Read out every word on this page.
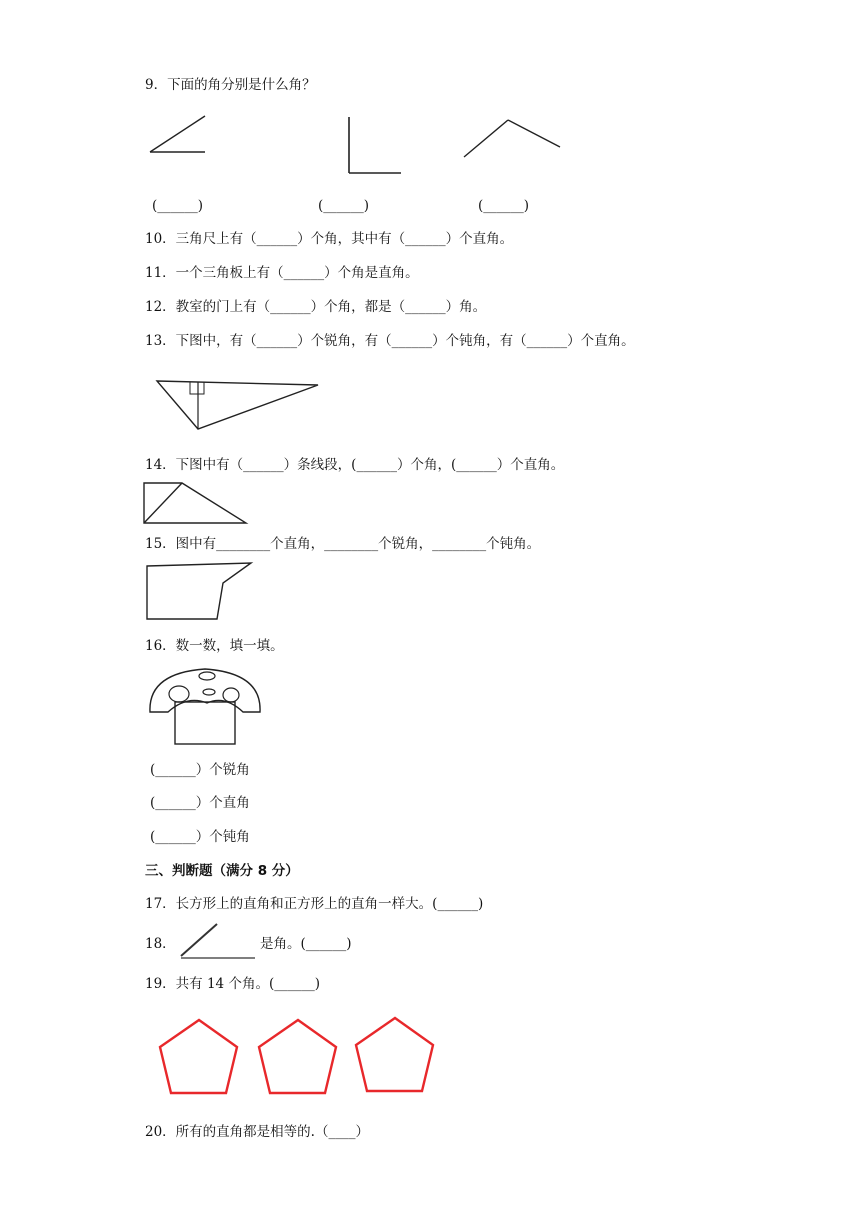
9．下面的角分别是什么角？
(______)	(______)	(______)
10．三角尺上有（______）个角，其中有（______）个直角。
11．一个三角板上有（______）个角是直角。
12．教室的门上有（______）个角，都是（______）角。
13．下图中，有（______）个锐角，有（______）个钝角，有（______）个直角。
14．下图中有（______）条线段，(______）个角，(______）个直角。
15．图中有________个直角，________个锐角，________个钝角。
16．数一数，填一填。
(______）个锐角
(______）个直角
(______）个钝角
三、判断题（满分 8 分）
17．长方形上的直角和正方形上的直角一样大。(______)
18．	是角。(______)
19．共有 14 个角。(______)
20．所有的直角都是相等的.（____）
